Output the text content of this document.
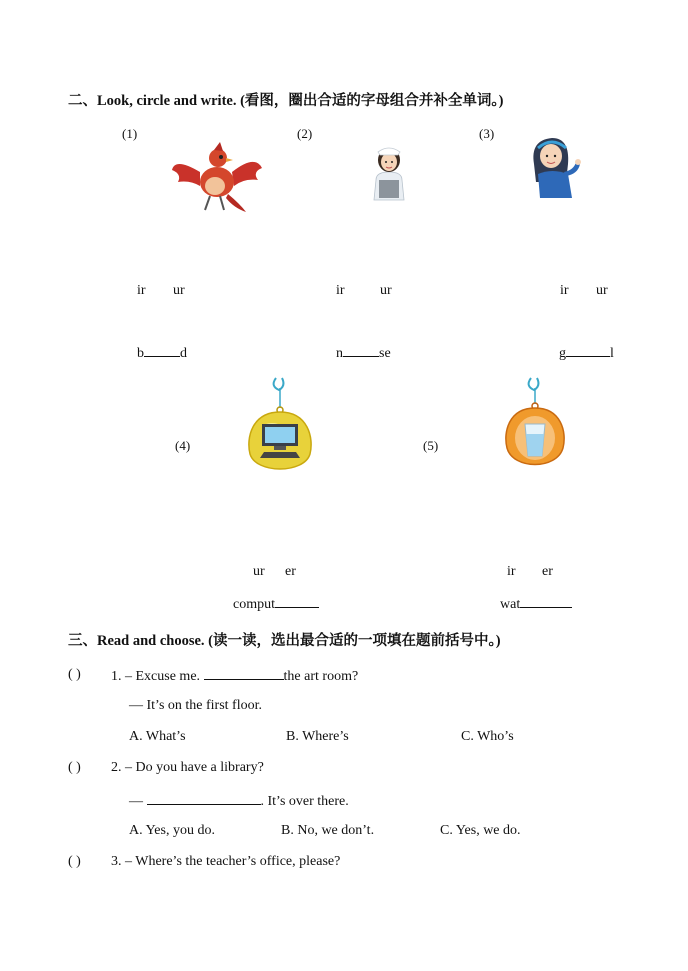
二、Look, circle and write. (看图，圈出合适的字母组合并补全单词。)
(1)	(2)	(3)
ir ur	ir	ur	ir ur
b	d	n	se	g	l
(4)	(5)
ur er	ir er
comput	wat
三、Read and choose. (读一读，选出最合适的一项填在题前括号中。)
( ) 1. – Excuse me.	the art room?
— It’s on the first floor.
A. What’s	B. Where’s	C. Who’s
( ) 2. – Do you have a library?
—	. It’s over there.
A. Yes, you do.	B. No, we don’t.	C. Yes, we do.
( ) 3. – Where’s the teacher’s office, please?
